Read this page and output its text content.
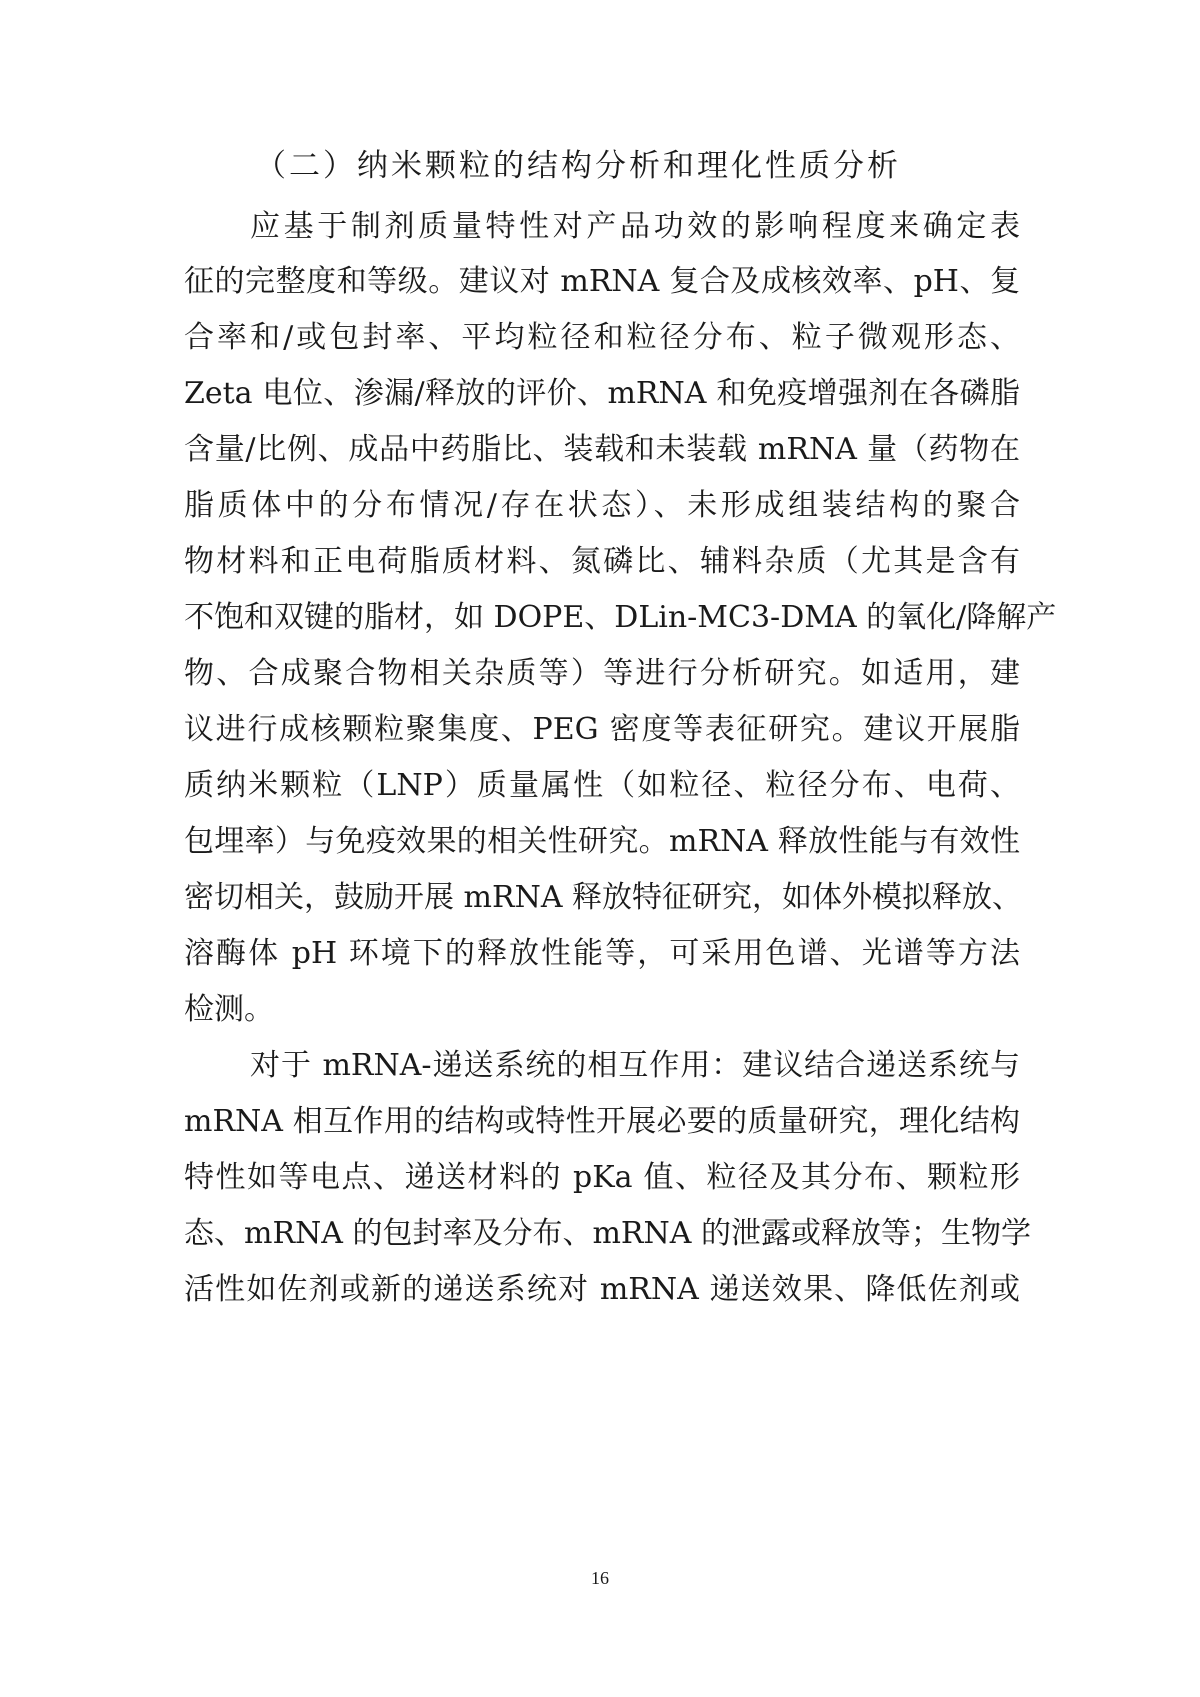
（二）纳米颗粒的结构分析和理化性质分析
应基于制剂质量特性对产品功效的影响程度来确定表
征的完整度和等级。建议对 mRNA 复合及成核效率、pH、复
合率和/或包封率、平均粒径和粒径分布、粒子微观形态、
Zeta 电位、渗漏/释放的评价、mRNA 和免疫增强剂在各磷脂
含量/比例、成品中药脂比、装载和未装载 mRNA 量（药物在
脂质体中的分布情况/存在状态）、未形成组装结构的聚合
物材料和正电荷脂质材料、氮磷比、辅料杂质（尤其是含有
不饱和双键的脂材，如 DOPE、DLin-MC3-DMA 的氧化/降解产
物、合成聚合物相关杂质等）等进行分析研究。如适用，建
议进行成核颗粒聚集度、PEG 密度等表征研究。建议开展脂
质纳米颗粒（LNP）质量属性（如粒径、粒径分布、电荷、
包埋率）与免疫效果的相关性研究。mRNA 释放性能与有效性
密切相关，鼓励开展 mRNA 释放特征研究，如体外模拟释放、
溶酶体 pH 环境下的释放性能等，可采用色谱、光谱等方法
检测。
对于 mRNA-递送系统的相互作用：建议结合递送系统与
mRNA 相互作用的结构或特性开展必要的质量研究，理化结构
特性如等电点、递送材料的 pKa 值、粒径及其分布、颗粒形
态、mRNA 的包封率及分布、mRNA 的泄露或释放等；生物学
活性如佐剂或新的递送系统对 mRNA 递送效果、降低佐剂或
16
